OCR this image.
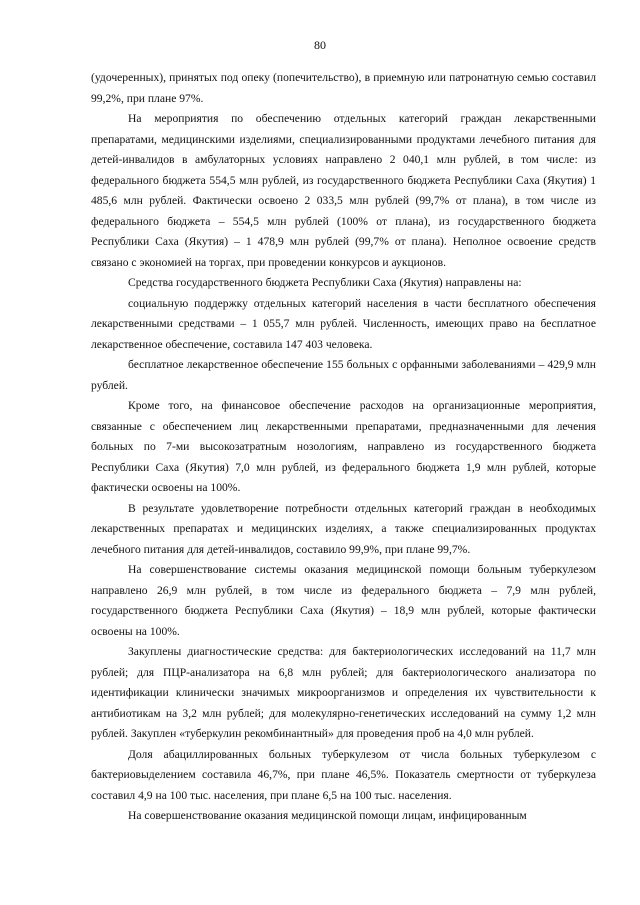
80

(удочеренных), принятых под опеку (попечительство), в приемную или патронатную семью составил 99,2%, при плане 97%.

На мероприятия по обеспечению отдельных категорий граждан лекарственными препаратами, медицинскими изделиями, специализированными продуктами лечебного питания для детей-инвалидов в амбулаторных условиях направлено 2 040,1 млн рублей, в том числе: из федерального бюджета 554,5 млн рублей, из государственного бюджета Республики Саха (Якутия) 1 485,6 млн рублей. Фактически освоено 2 033,5 млн рублей (99,7% от плана), в том числе из федерального бюджета – 554,5 млн рублей (100% от плана), из государственного бюджета Республики Саха (Якутия) – 1 478,9 млн рублей (99,7% от плана). Неполное освоение средств связано с экономией на торгах, при проведении конкурсов и аукционов.

Средства государственного бюджета Республики Саха (Якутия) направлены на:

социальную поддержку отдельных категорий населения в части бесплатного обеспечения лекарственными средствами – 1 055,7 млн рублей. Численность, имеющих право на бесплатное лекарственное обеспечение, составила 147 403 человека.

бесплатное лекарственное обеспечение 155 больных с орфанными заболеваниями – 429,9 млн рублей.

Кроме того, на финансовое обеспечение расходов на организационные мероприятия, связанные с обеспечением лиц лекарственными препаратами, предназначенными для лечения больных по 7-ми высокозатратным нозологиям, направлено из государственного бюджета Республики Саха (Якутия) 7,0 млн рублей, из федерального бюджета 1,9 млн рублей, которые фактически освоены на 100%.

В результате удовлетворение потребности отдельных категорий граждан в необходимых лекарственных препаратах и медицинских изделиях, а также специализированных продуктах лечебного питания для детей-инвалидов, составило 99,9%, при плане 99,7%.

На совершенствование системы оказания медицинской помощи больным туберкулезом направлено 26,9 млн рублей, в том числе из федерального бюджета – 7,9 млн рублей, государственного бюджета Республики Саха (Якутия) – 18,9 млн рублей, которые фактически освоены на 100%.

Закуплены диагностические средства: для бактериологических исследований на 11,7 млн рублей; для ПЦР-анализатора на 6,8 млн рублей; для бактериологического анализатора по идентификации клинически значимых микроорганизмов и определения их чувствительности к антибиотикам на 3,2 млн рублей; для молекулярно-генетических исследований на сумму 1,2 млн рублей. Закуплен «туберкулин рекомбинантный» для проведения проб на 4,0 млн рублей.

Доля абациллированных больных туберкулезом от числа больных туберкулезом с бактериовыделением составила 46,7%, при плане 46,5%. Показатель смертности от туберкулеза составил 4,9 на 100 тыс. населения, при плане 6,5 на 100 тыс. населения.

На совершенствование оказания медицинской помощи лицам, инфицированным
